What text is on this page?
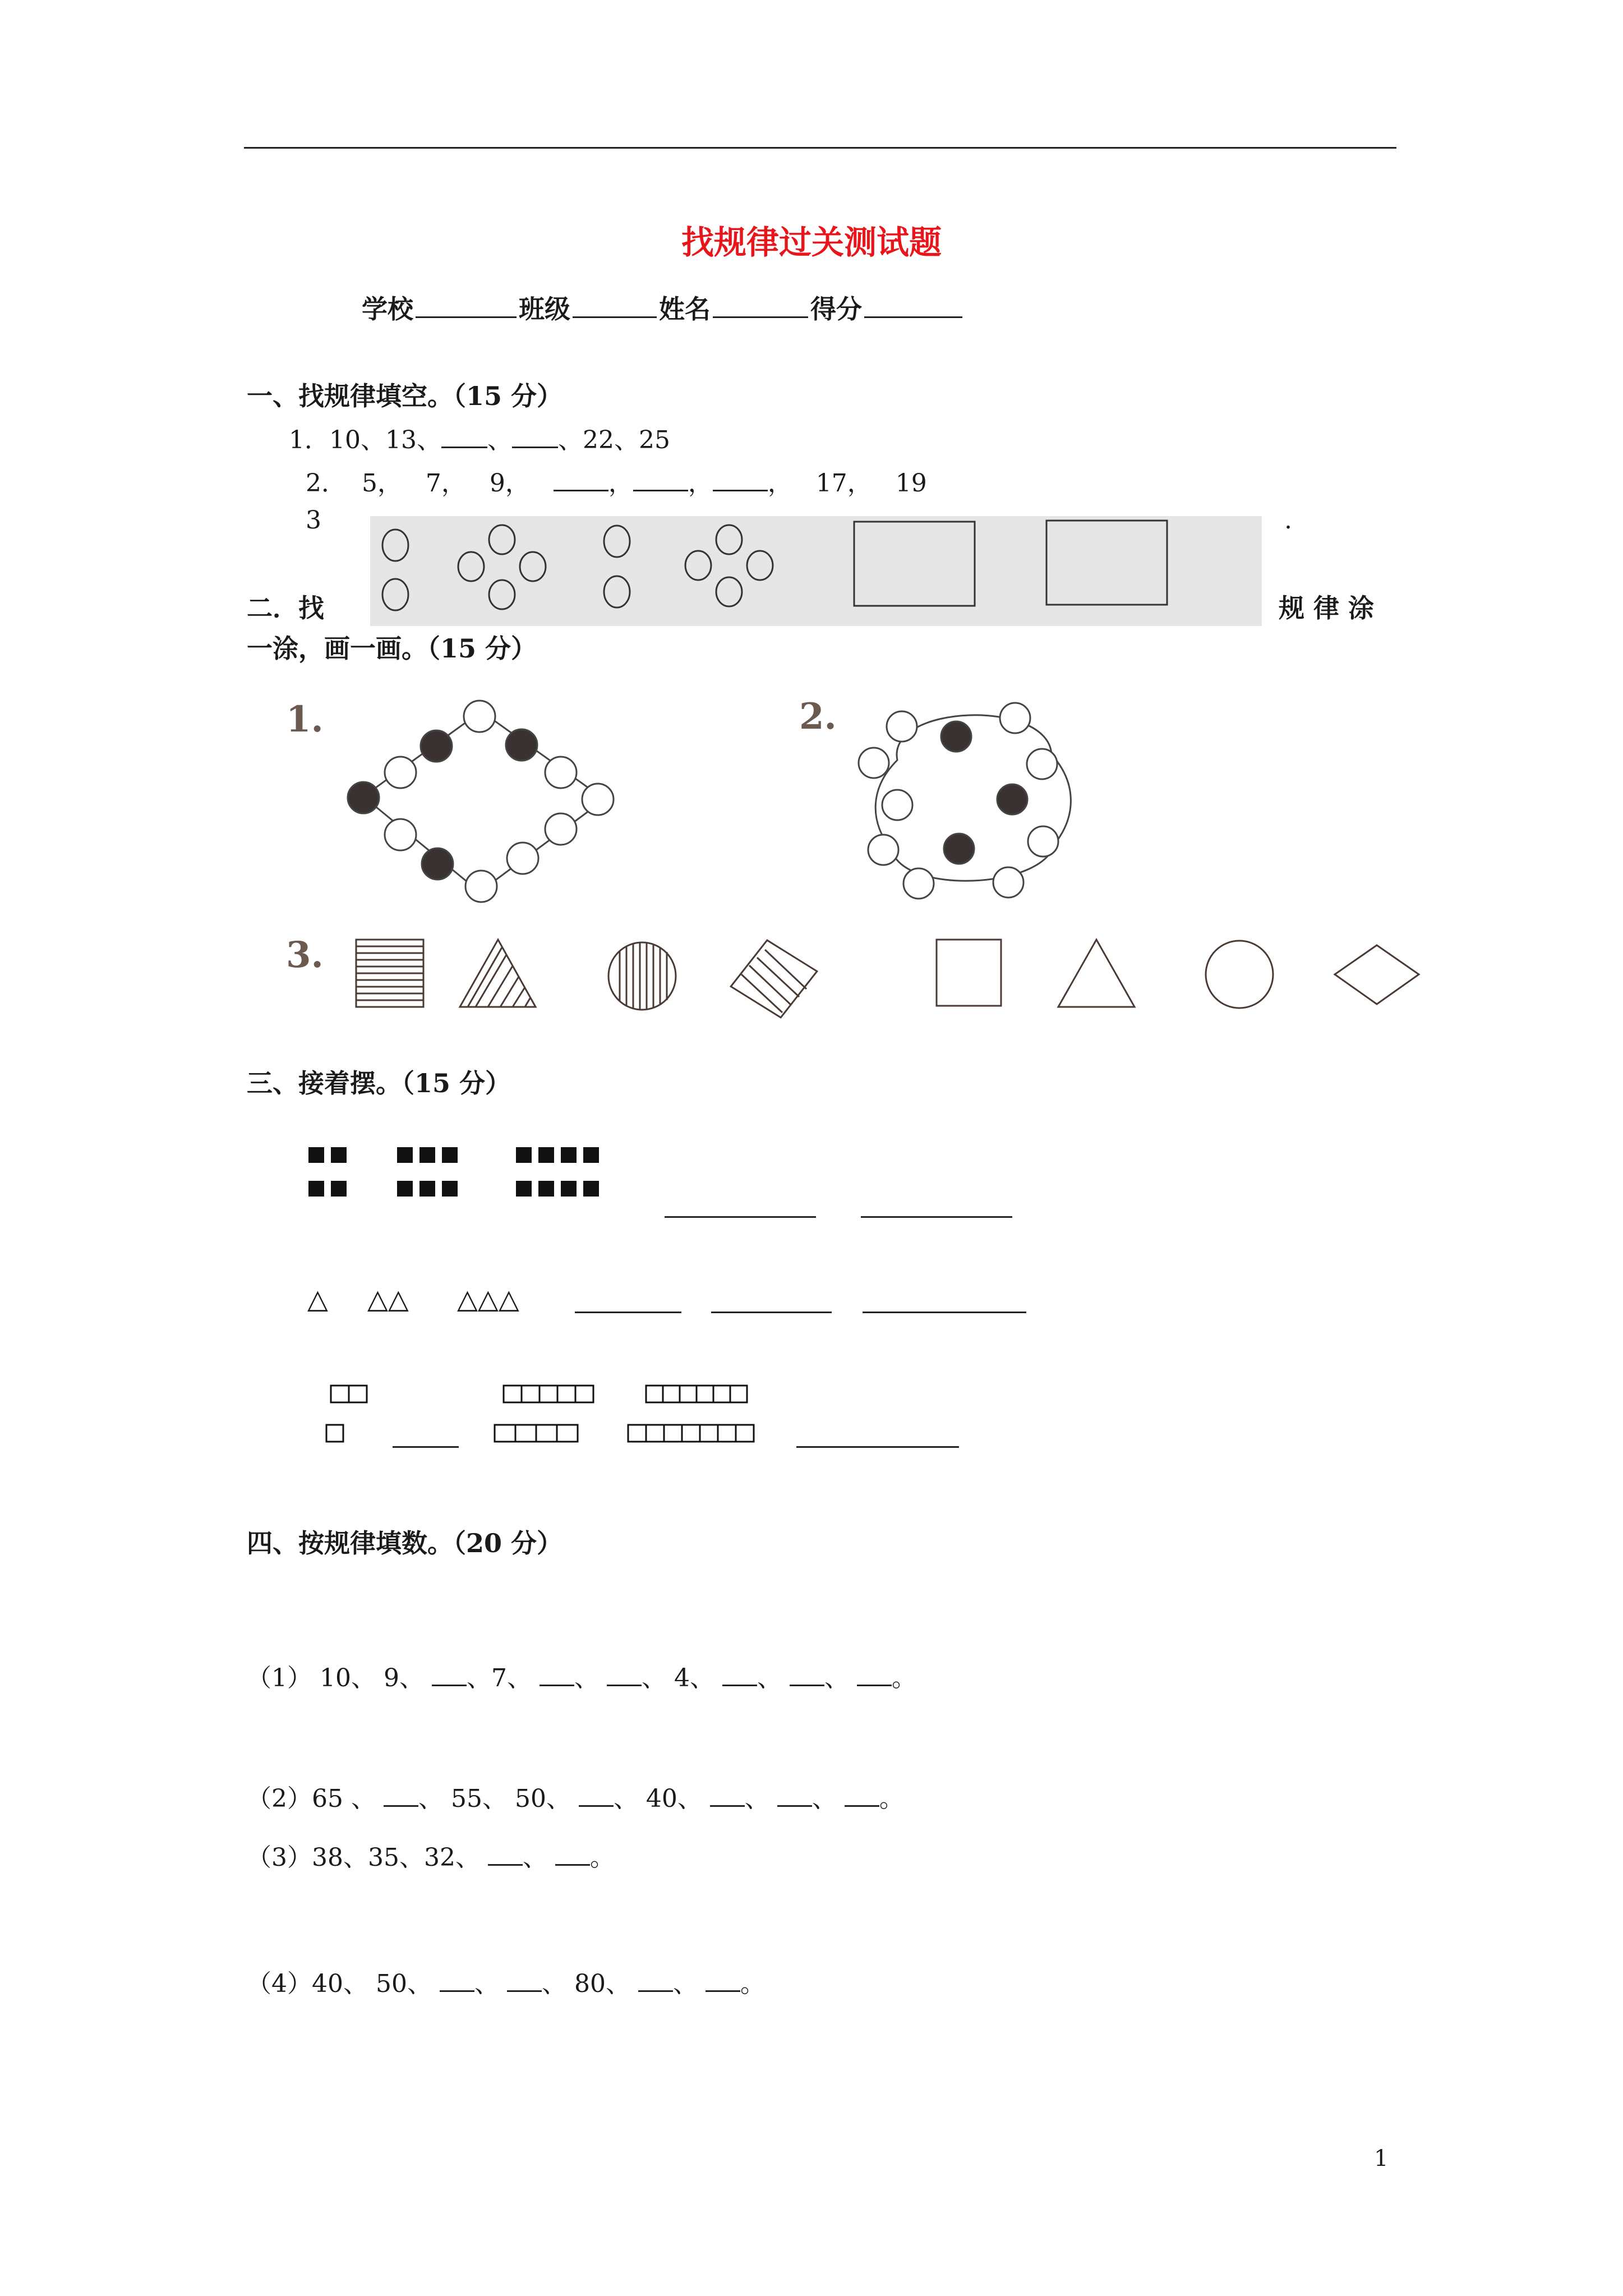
找规律过关测试题
学校	班级	姓名	得分
一、找规律填空。（15 分）
1．10、13、 、 、22、25
2．  5，   7，   9，	， ， ，   17，   19
3	.
二．找	规 律 涂
一涂，画一画。（15 分）
1.	2.
3.
三、接着摆。（15 分）
△ △△ △△△
四、按规律填数。（20 分）
（1） 10、 9、 、7、 、 、 4、 、 、 。
（2）65 、 、 55、 50、 、 40、 、 、 。
（3）38、35、32、 、 。
（4）40、 50、 、 、 80、 、 。
1
